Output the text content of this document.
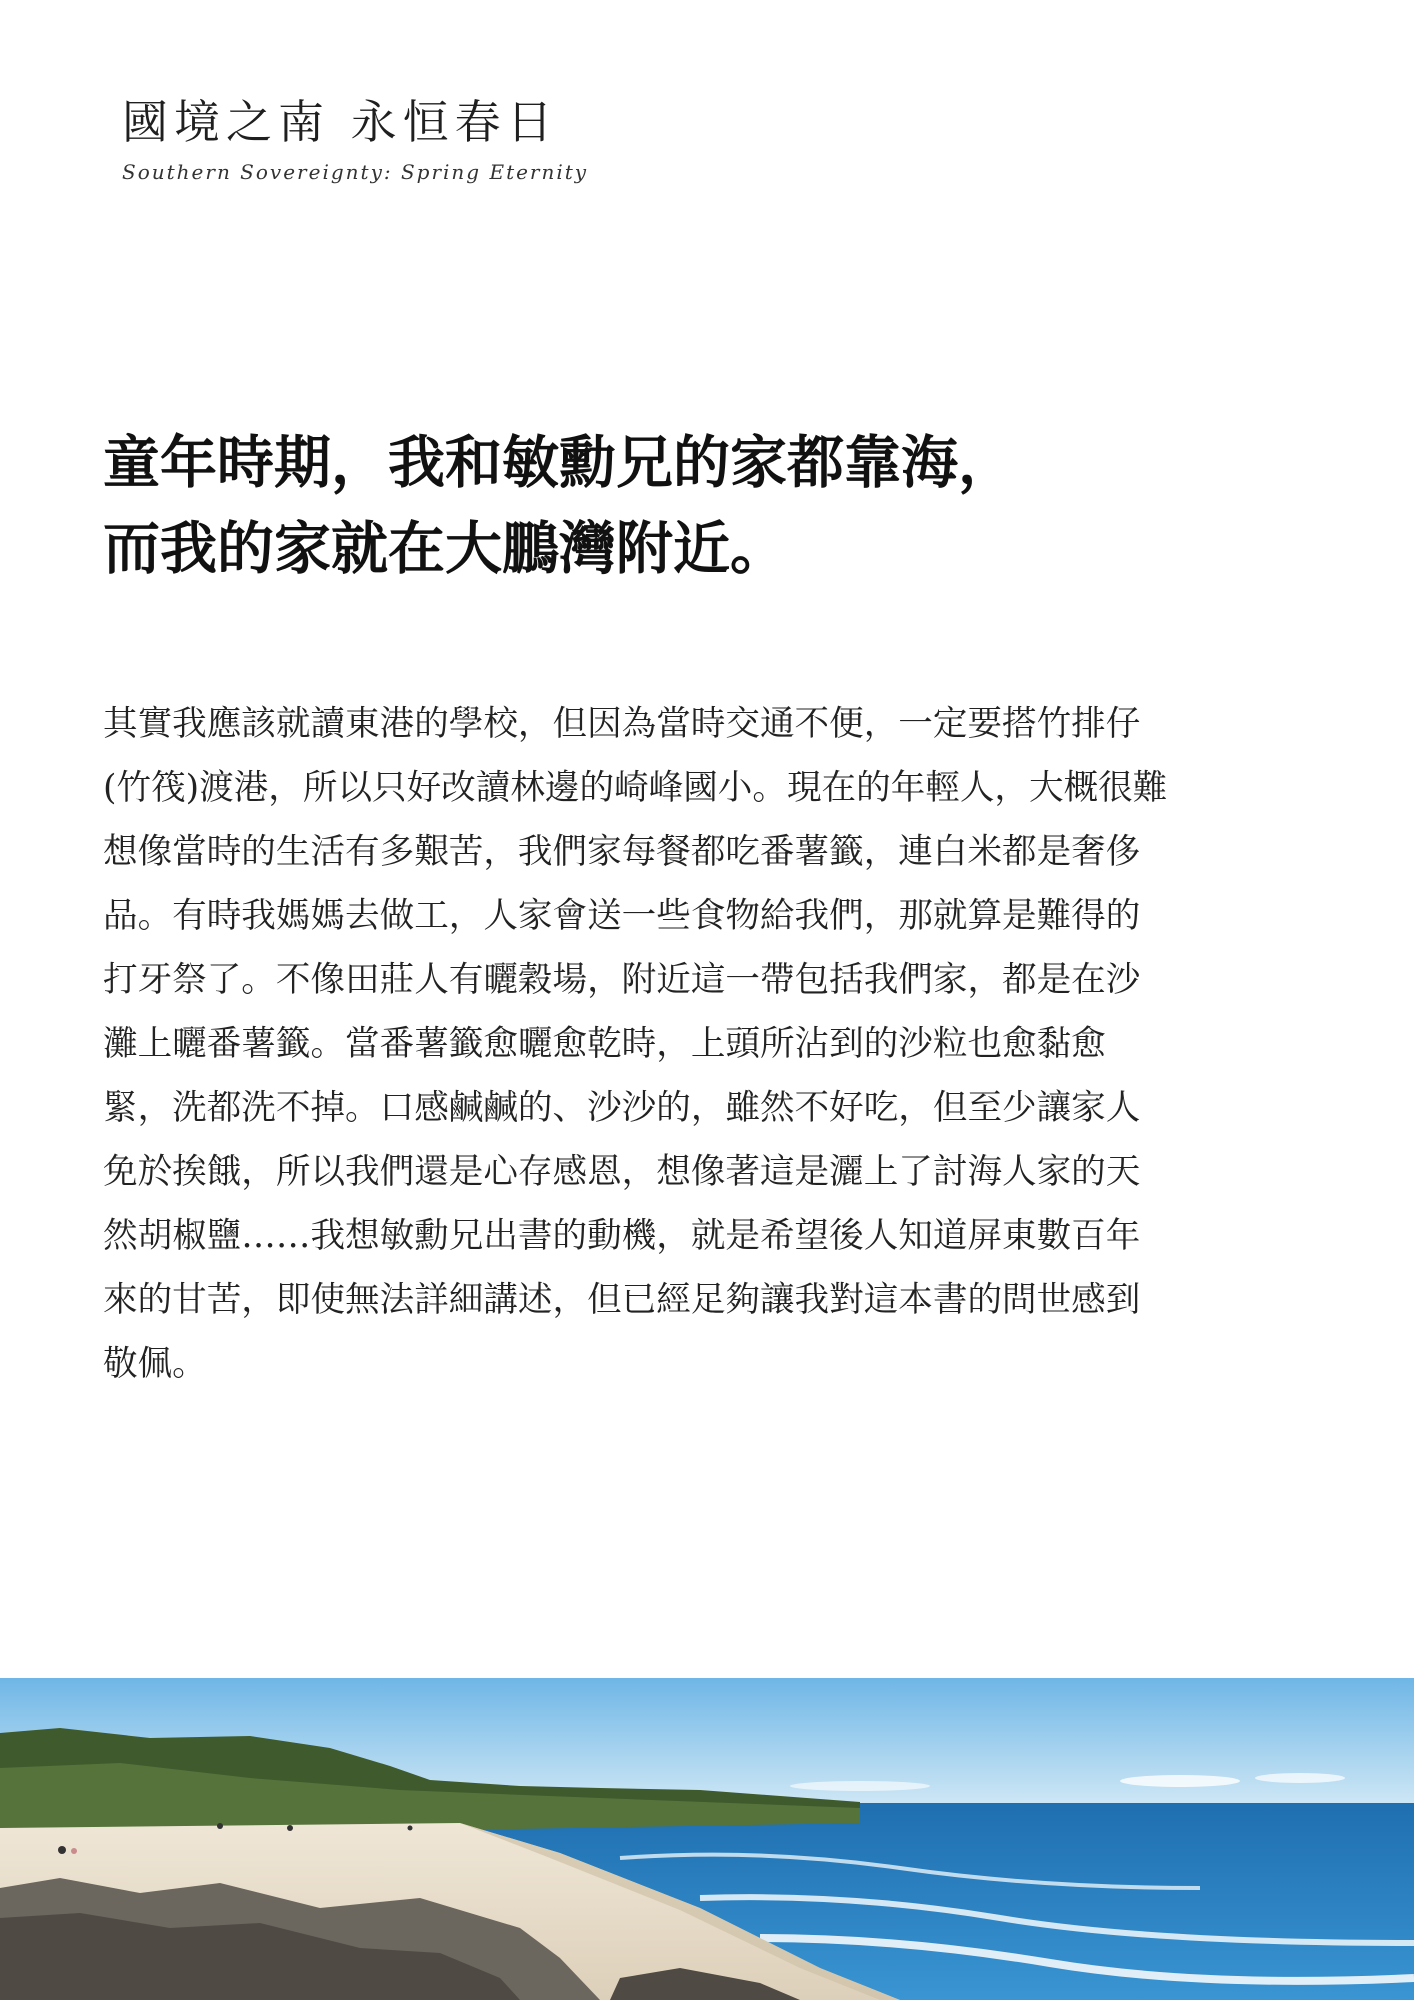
國境之南 永恒春日
Southern Sovereignty: Spring Eternity
童年時期，我和敏勳兄的家都靠海，
而我的家就在大鵬灣附近。
其實我應該就讀東港的學校，但因為當時交通不便，一定要搭竹排仔
(竹筏)渡港，所以只好改讀林邊的崎峰國小。現在的年輕人，大概很難
想像當時的生活有多艱苦，我們家每餐都吃番薯籤，連白米都是奢侈
品。有時我媽媽去做工，人家會送一些食物給我們，那就算是難得的
打牙祭了。不像田莊人有曬穀場，附近這一帶包括我們家，都是在沙
灘上曬番薯籤。當番薯籤愈曬愈乾時，上頭所沾到的沙粒也愈黏愈
緊，洗都洗不掉。口感鹹鹹的、沙沙的，雖然不好吃，但至少讓家人
免於挨餓，所以我們還是心存感恩，想像著這是灑上了討海人家的天
然胡椒鹽……我想敏勳兄出書的動機，就是希望後人知道屏東數百年
來的甘苦，即使無法詳細講述，但已經足夠讓我對這本書的問世感到
敬佩。
